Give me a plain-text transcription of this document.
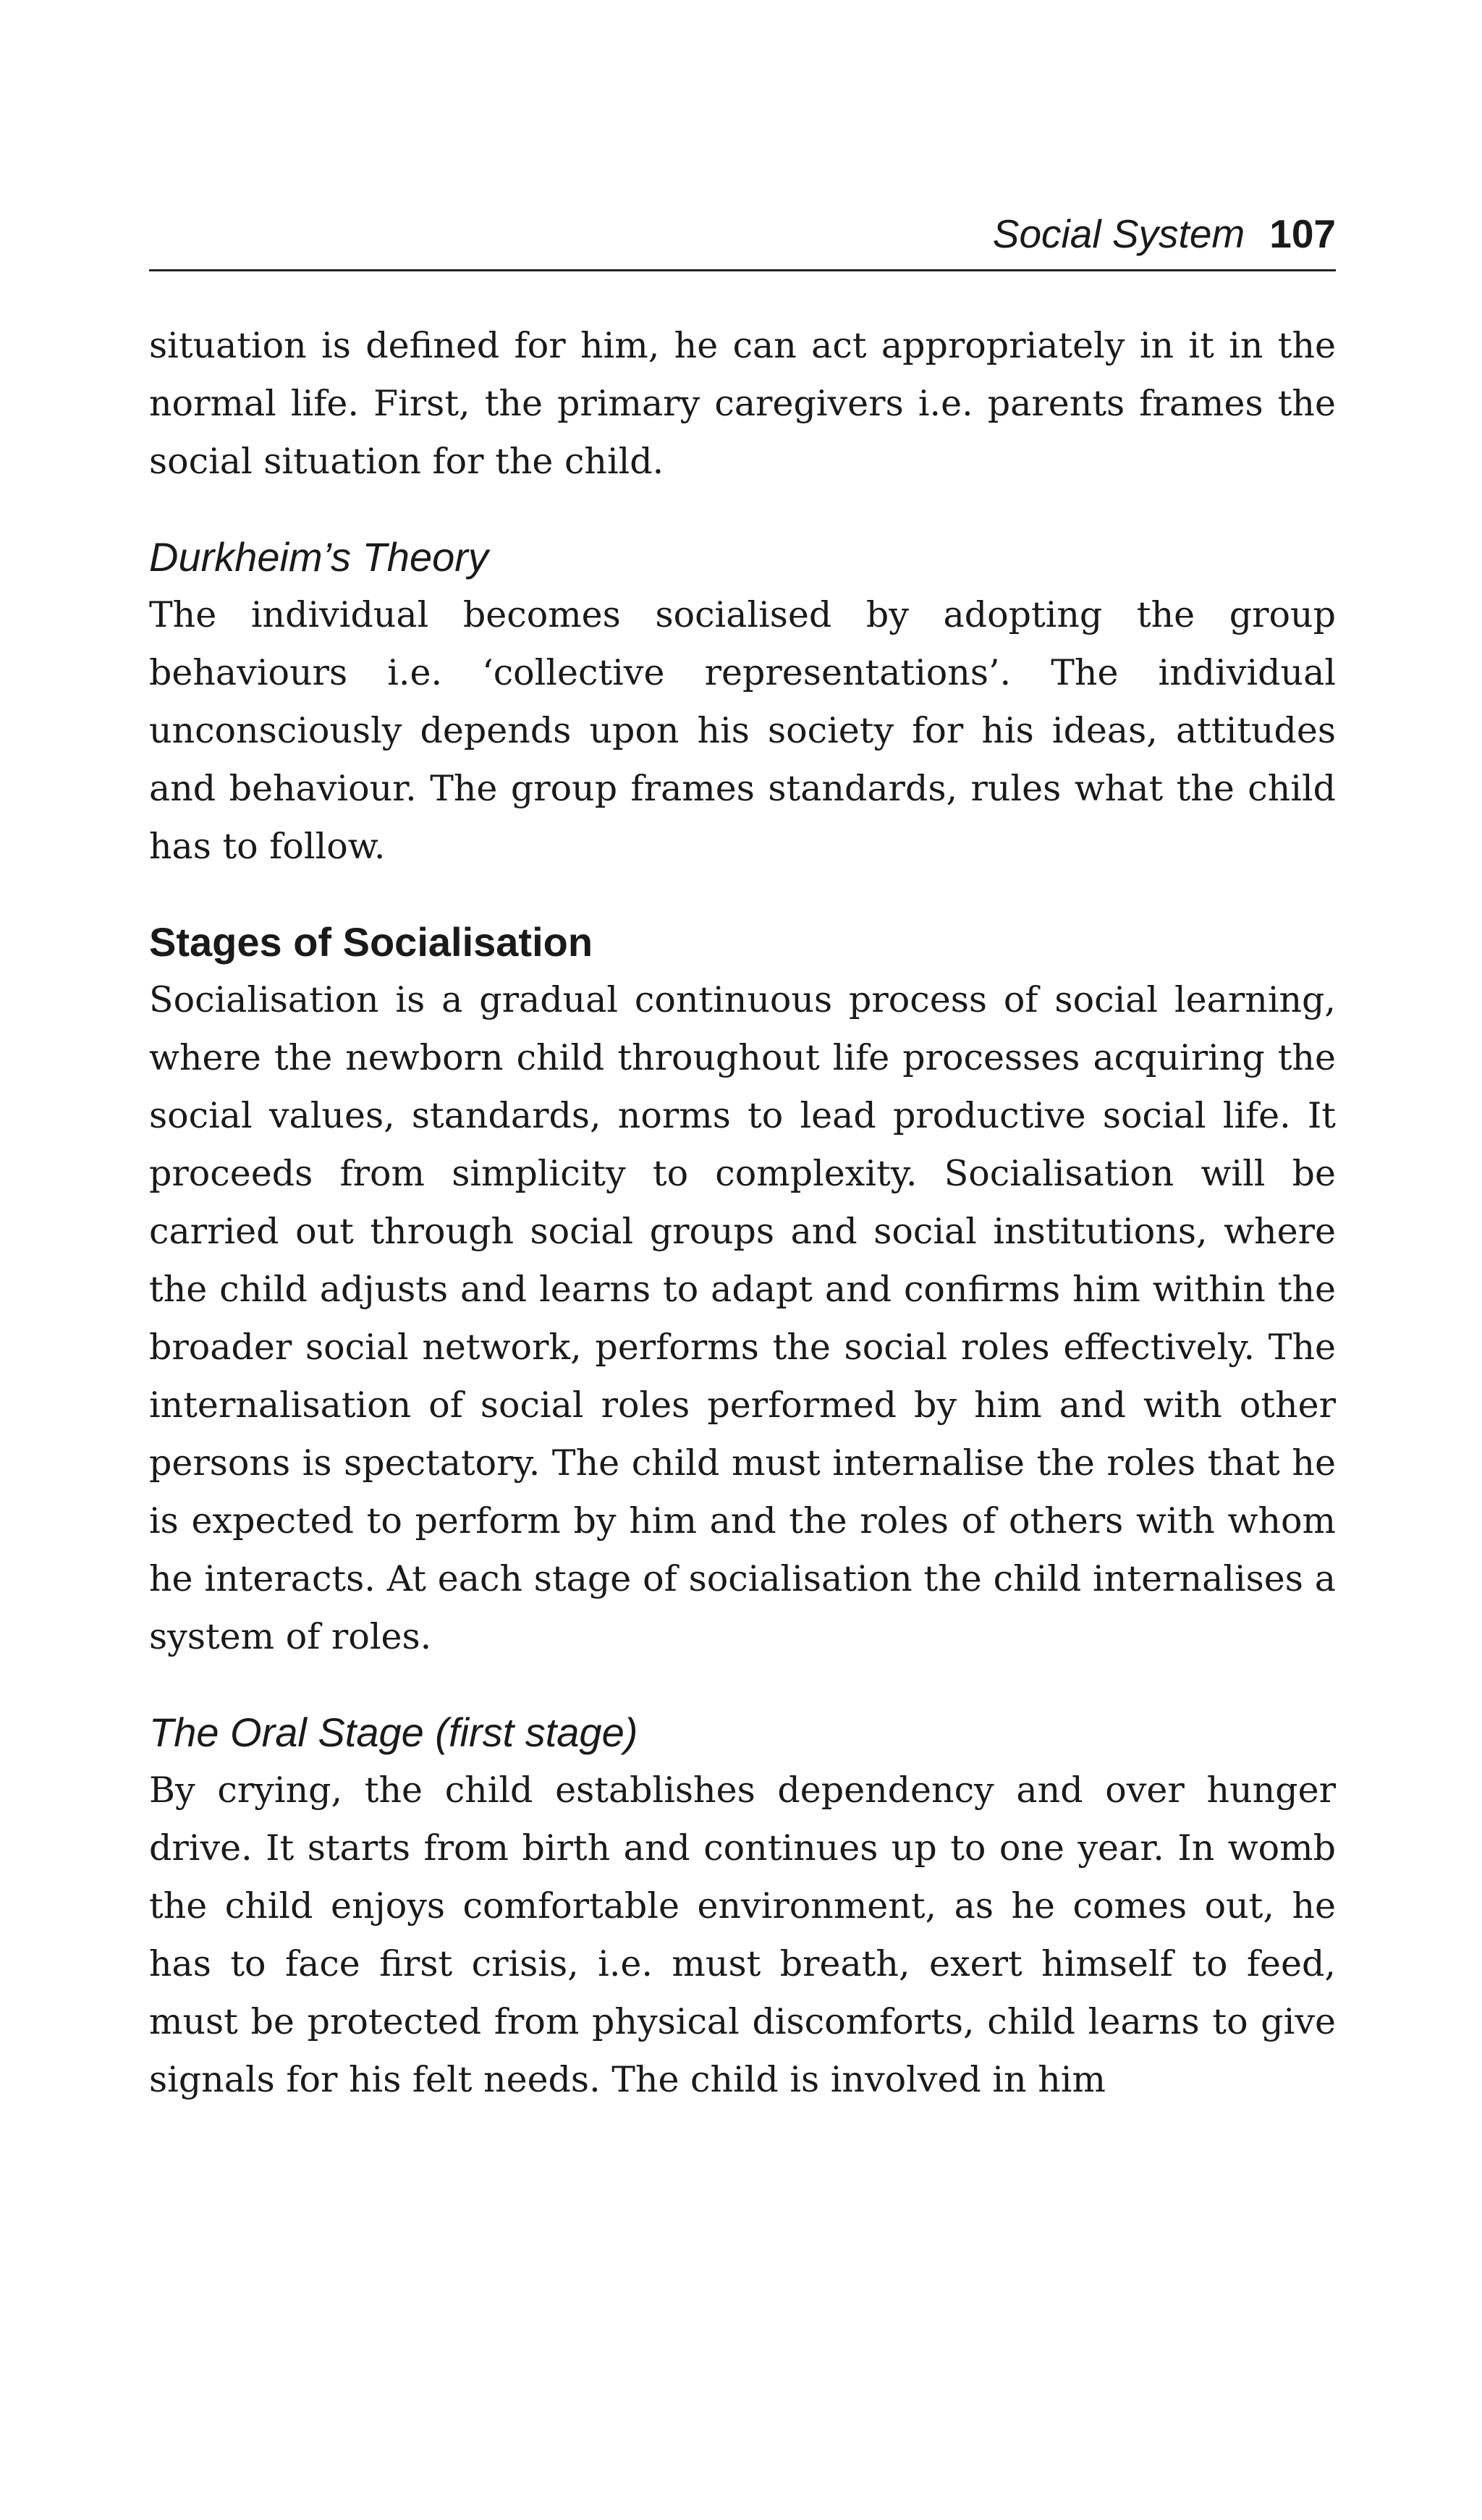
Social System 107

situation is defined for him, he can act appropriately in it in the normal life. First, the primary caregivers i.e. parents frames the social situation for the child.

Durkheim’s Theory

The individual becomes socialised by adopting the group behaviours i.e. ‘collective representations’. The individual unconsciously depends upon his society for his ideas, attitudes and behaviour. The group frames standards, rules what the child has to follow.

Stages of Socialisation

Socialisation is a gradual continuous process of social learning, where the newborn child throughout life processes acquiring the social values, standards, norms to lead productive social life. It proceeds from simplicity to complexity. Socialisation will be carried out through social groups and social institutions, where the child adjusts and learns to adapt and confirms him within the broader social network, performs the social roles effectively. The internalisation of social roles performed by him and with other persons is spectatory. The child must internalise the roles that he is expected to perform by him and the roles of others with whom he interacts. At each stage of socialisation the child internalises a system of roles.

The Oral Stage (first stage)

By crying, the child establishes dependency and over hunger drive. It starts from birth and continues up to one year. In womb the child enjoys comfortable environment, as he comes out, he has to face first crisis, i.e. must breath, exert himself to feed, must be protected from physical discomforts, child learns to give signals for his felt needs. The child is involved in him
